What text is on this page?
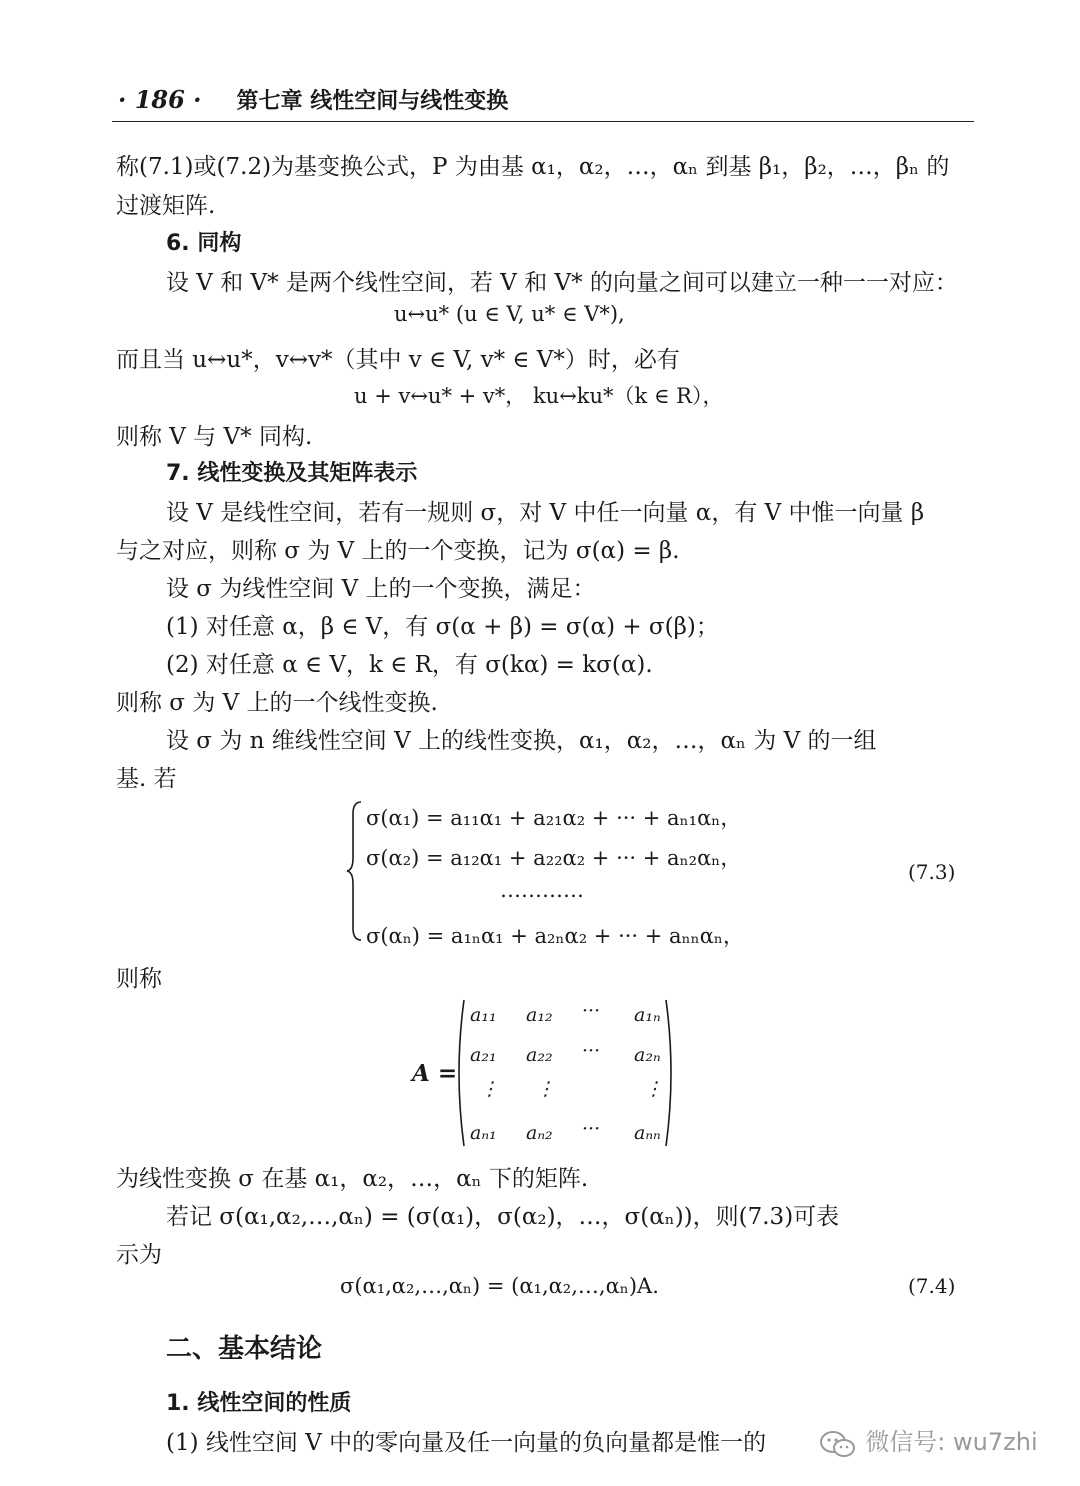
· 186 · 第七章 线性空间与线性变换
称(7.1)或(7.2)为基变换公式，P 为由基 α₁，α₂，…，αₙ 到基 β₁，β₂，…，βₙ 的
过渡矩阵.
6. 同构
设 V 和 V* 是两个线性空间，若 V 和 V* 的向量之间可以建立一种一一对应：
u↔u* (u ∈ V, u* ∈ V*),
而且当 u↔u*，v↔v*（其中 v ∈ V, v* ∈ V*）时，必有
u + v↔u* + v*， ku↔ku*（k ∈ R），
则称 V 与 V* 同构.
7. 线性变换及其矩阵表示
设 V 是线性空间，若有一规则 σ，对 V 中任一向量 α，有 V 中惟一向量 β
与之对应，则称 σ 为 V 上的一个变换，记为 σ(α) = β.
设 σ 为线性空间 V 上的一个变换，满足：
(1) 对任意 α，β ∈ V，有 σ(α + β) = σ(α) + σ(β)；
(2) 对任意 α ∈ V，k ∈ R，有 σ(kα) = kσ(α).
则称 σ 为 V 上的一个线性变换.
设 σ 为 n 维线性空间 V 上的线性变换，α₁，α₂，…，αₙ 为 V 的一组
基. 若
σ(α₁) = a₁₁α₁ + a₂₁α₂ + ··· + aₙ₁αₙ，
σ(α₂) = a₁₂α₁ + a₂₂α₂ + ··· + aₙ₂αₙ，
…………
σ(αₙ) = a₁ₙα₁ + a₂ₙα₂ + ··· + aₙₙαₙ，
(7.3)
则称
A =
a₁₁ a₁₂ ··· a₁ₙ
a₂₁ a₂₂ ··· a₂ₙ
⋮ ⋮	⋮
aₙ₁ aₙ₂ ··· aₙₙ
为线性变换 σ 在基 α₁，α₂，…，αₙ 下的矩阵.
若记 σ(α₁,α₂,…,αₙ) = (σ(α₁)，σ(α₂)，…，σ(αₙ))，则(7.3)可表
示为
σ(α₁,α₂,…,αₙ) = (α₁,α₂,…,αₙ)A.	(7.4)
二、基本结论
1. 线性空间的性质
(1) 线性空间 V 中的零向量及任一向量的负向量都是惟一的	微信号: wu7zhi
